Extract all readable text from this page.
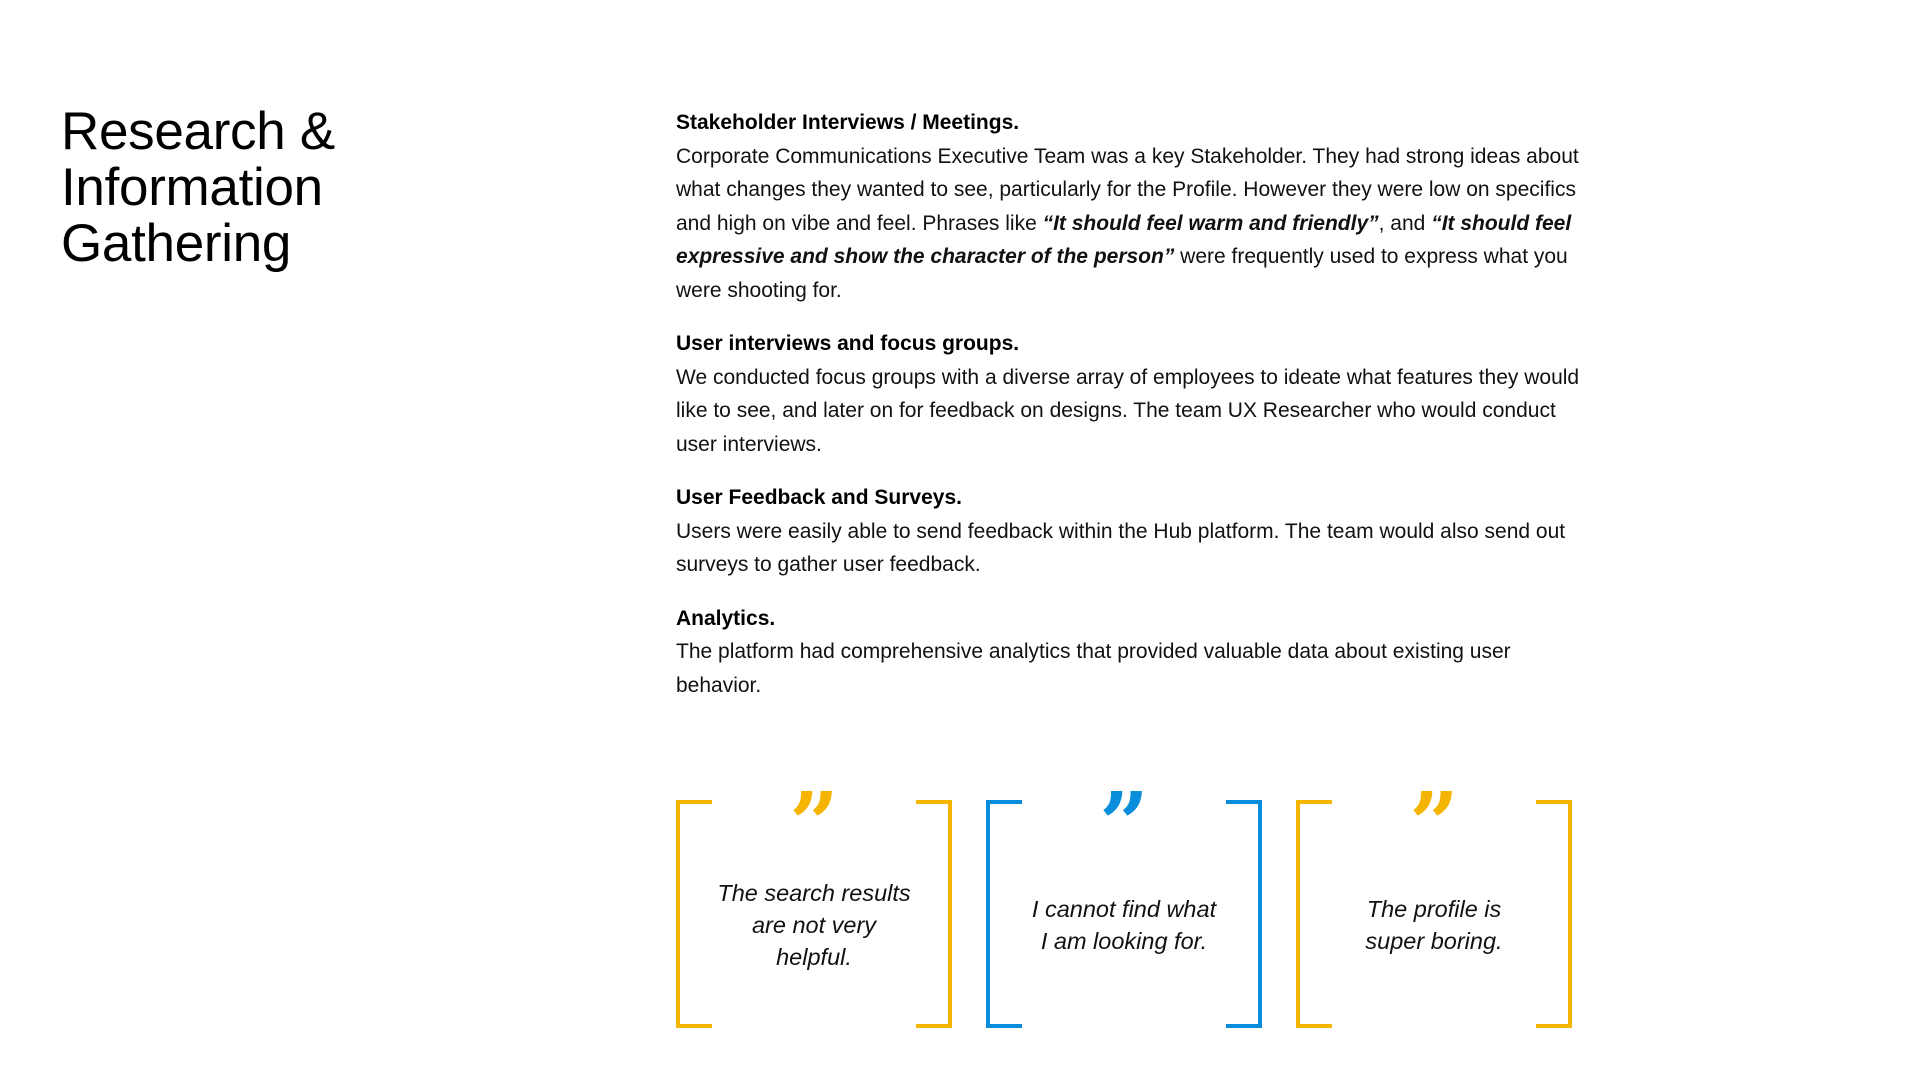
Research & Information Gathering

Stakeholder Interviews / Meetings.

Corporate Communications Executive Team was a key Stakeholder. They had strong ideas about what changes they wanted to see, particularly for the Profile. However they were low on specifics and high on vibe and feel. Phrases like “It should feel warm and friendly”, and “It should feel expressive and show the character of the person” were frequently used to express what you were shooting for.

User interviews and focus groups.

We conducted focus groups with a diverse array of employees to ideate what features they would like to see, and later on for feedback on designs. The team UX Researcher who would conduct user interviews.

User Feedback and Surveys.

Users were easily able to send feedback within the Hub platform. The team would also send out surveys to gather user feedback.

Analytics.

The platform had comprehensive analytics that provided valuable data about existing user behavior.

”

The search results are not very helpful.

”

I cannot find what I am looking for.

”

The profile is super boring.
